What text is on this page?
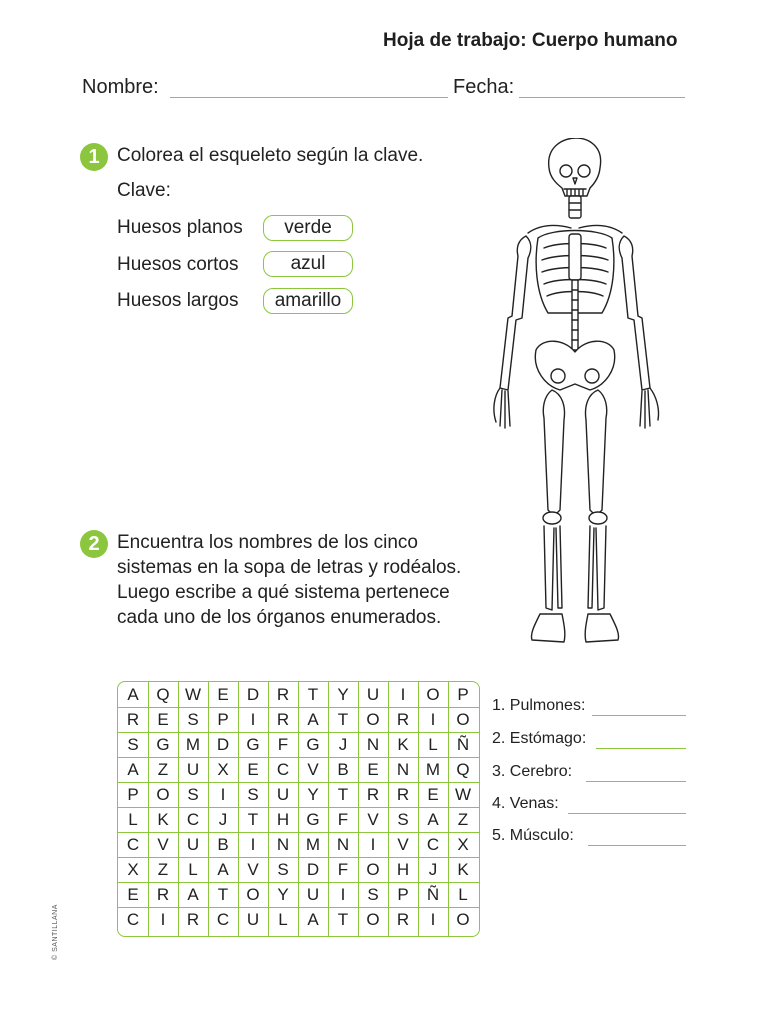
Hoja de trabajo: Cuerpo humano
Nombre:	Fecha:
1 Colorea el esqueleto según la clave.
Clave:
Huesos planos	verde
Huesos cortos	azul
Huesos largos	amarillo
2 Encuentra los nombres de los cinco
sistemas en la sopa de letras y rodéalos.
Luego escribe a qué sistema pertenece
cada uno de los órganos enumerados.
A	Q W E	D	R	T	Y	U	I	O	P
R	E	S	P	I	R	A	T	O	R	I	O
S	G M D	G	F	G	J	N	K	L	Ñ
A	Z	U	X	E	C	V	B	E	N M Q
P	O	S	I	S	U	Y	T	R	R	E W
L	K	C	J	T	H	G	F	V	S	A	Z
C	V	U	B	I	N M N	I	V	C	X
X	Z	L	A	V	S	D	F	O	H	J	K
E	R	A	T	O	Y	U	I	S	P	Ñ	L
C	I	R	C	U	L	A	T	O	R	I	O
1. Pulmones:
2. Estómago:
3. Cerebro:
4. Venas:
5. Músculo:
© SANTILLANA
